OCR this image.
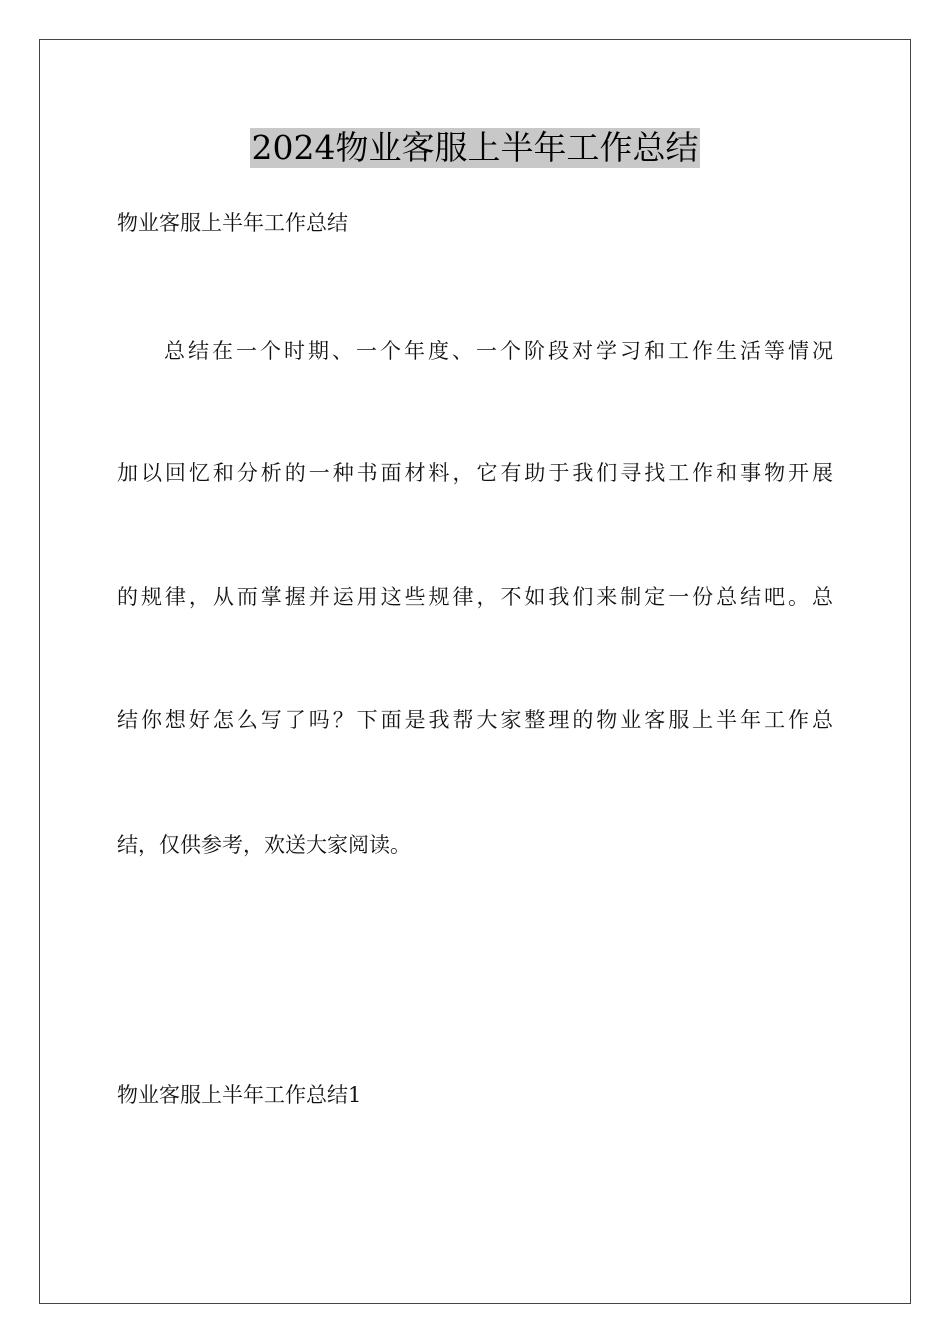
2024物业客服上半年工作总结
物业客服上半年工作总结
总结在一个时期、一个年度、一个阶段对学习和工作生活等情况
加以回忆和分析的一种书面材料，它有助于我们寻找工作和事物开展
的规律，从而掌握并运用这些规律，不如我们来制定一份总结吧。总
结你想好怎么写了吗？下面是我帮大家整理的物业客服上半年工作总
结，仅供参考，欢送大家阅读。
物业客服上半年工作总结1
